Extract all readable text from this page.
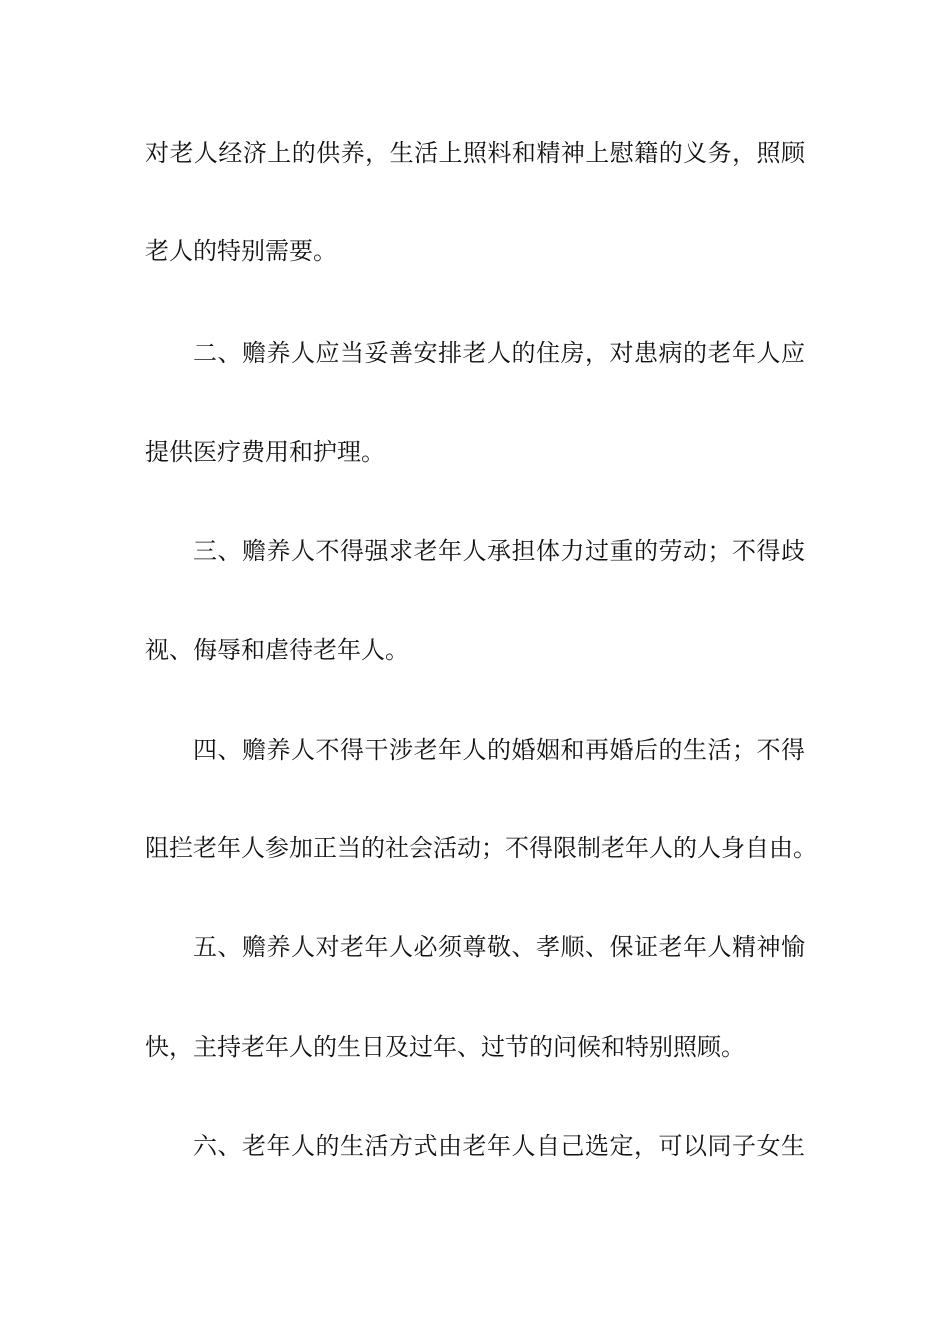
对老人经济上的供养，生活上照料和精神上慰籍的义务，照顾
老人的特别需要。
二、赡养人应当妥善安排老人的住房，对患病的老年人应
提供医疗费用和护理。
三、赡养人不得强求老年人承担体力过重的劳动；不得歧
视、侮辱和虐待老年人。
四、赡养人不得干涉老年人的婚姻和再婚后的生活；不得
阻拦老年人参加正当的社会活动；不得限制老年人的人身自由。
五、赡养人对老年人必须尊敬、孝顺、保证老年人精神愉
快，主持老年人的生日及过年、过节的问候和特别照顾。
六、老年人的生活方式由老年人自己选定，可以同子女生
